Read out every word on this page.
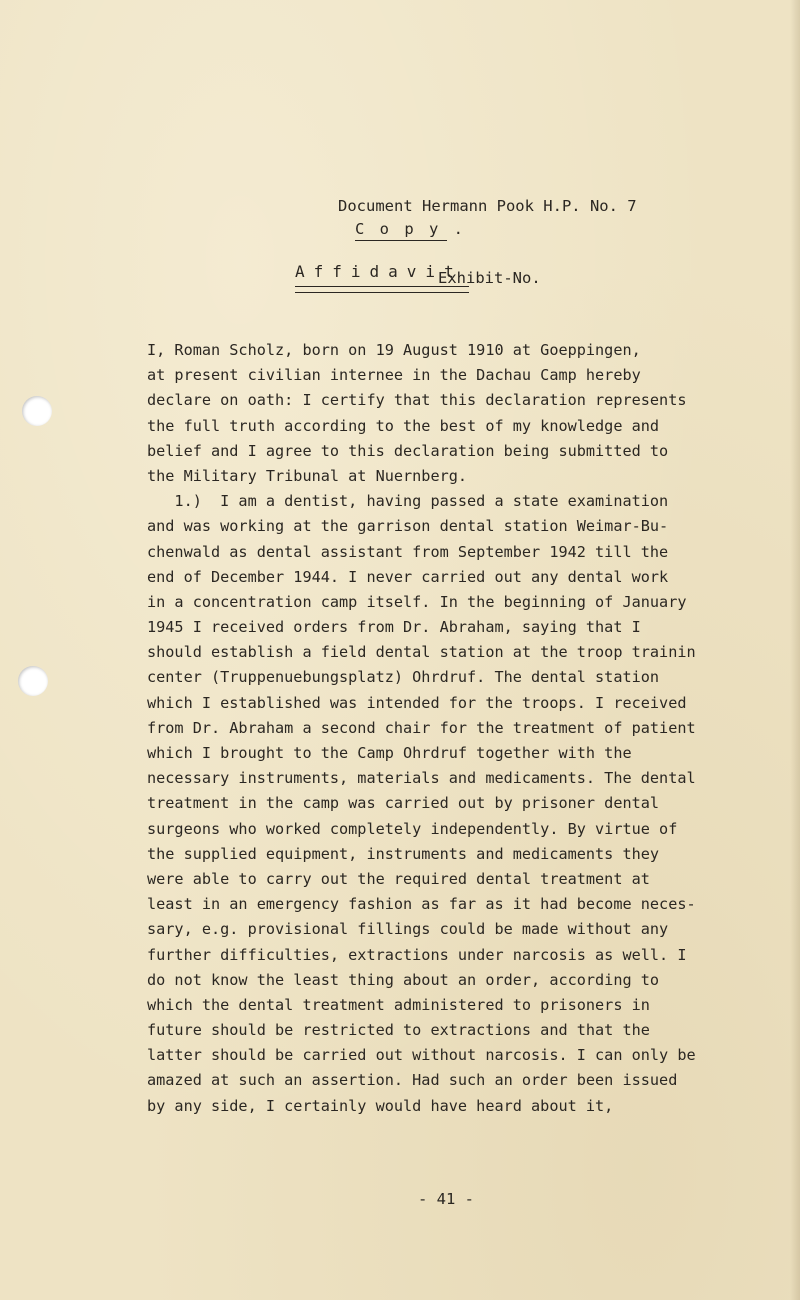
Document Hermann Pook H.P. No. 7

Exhibit-No.

C o p y .
Affidavit
I, Roman Scholz, born on 19 August 1910 at Goeppingen,
at present civilian internee in the Dachau Camp hereby
declare on oath: I certify that this declaration represents
the full truth according to the best of my knowledge and
belief and I agree to this declaration being submitted to
the Military Tribunal at Nuernberg.
1.)  I am a dentist, having passed a state examination
and was working at the garrison dental station Weimar-Bu-
chenwald as dental assistant from September 1942 till the
end of December 1944. I never carried out any dental work
in a concentration camp itself. In the beginning of January
1945 I received orders from Dr. Abraham, saying that I
should establish a field dental station at the troop trainin
center (Truppenuebungsplatz) Ohrdruf. The dental station
which I established was intended for the troops. I received
from Dr. Abraham a second chair for the treatment of patient
which I brought to the Camp Ohrdruf together with the
necessary instruments, materials and medicaments. The dental
treatment in the camp was carried out by prisoner dental
surgeons who worked completely independently. By virtue of
the supplied equipment, instruments and medicaments they
were able to carry out the required dental treatment at
least in an emergency fashion as far as it had become neces-
sary, e.g. provisional fillings could be made without any
further difficulties, extractions under narcosis as well. I
do not know the least thing about an order, according to
which the dental treatment administered to prisoners in
future should be restricted to extractions and that the
latter should be carried out without narcosis. I can only be
amazed at such an assertion. Had such an order been issued
by any side, I certainly would have heard about it,
- 41 -
